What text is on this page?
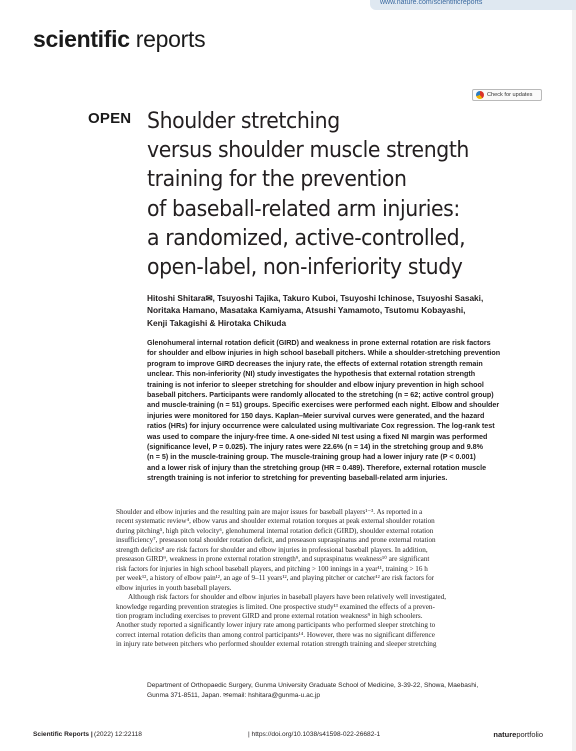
www.nature.com/scientificreports
scientific reports
Check for updates
OPEN Shoulder stretching
versus shoulder muscle strength
training for the prevention
of baseball-related arm injuries:
a randomized, active-controlled,
open-label, non-inferiority study
Hitoshi Shitara✉, Tsuyoshi Tajika, Takuro Kuboi, Tsuyoshi Ichinose, Tsuyoshi Sasaki,
Noritaka Hamano, Masataka Kamiyama, Atsushi Yamamoto, Tsutomu Kobayashi,
Kenji Takagishi & Hirotaka Chikuda
Glenohumeral internal rotation deficit (GIRD) and weakness in prone external rotation are risk factors
for shoulder and elbow injuries in high school baseball pitchers. While a shoulder-stretching prevention
program to improve GIRD decreases the injury rate, the effects of external rotation strength remain
unclear. This non-inferiority (NI) study investigates the hypothesis that external rotation strength
training is not inferior to sleeper stretching for shoulder and elbow injury prevention in high school
baseball pitchers. Participants were randomly allocated to the stretching (n = 62; active control group)
and muscle-training (n = 51) groups. Specific exercises were performed each night. Elbow and shoulder
injuries were monitored for 150 days. Kaplan–Meier survival curves were generated, and the hazard
ratios (HRs) for injury occurrence were calculated using multivariate Cox regression. The log-rank test
was used to compare the injury-free time. A one-sided NI test using a fixed NI margin was performed
(significance level, P = 0.025). The injury rates were 22.6% (n = 14) in the stretching group and 9.8%
(n = 5) in the muscle-training group. The muscle-training group had a lower injury rate (P < 0.001)
and a lower risk of injury than the stretching group (HR = 0.489). Therefore, external rotation muscle
strength training is not inferior to stretching for preventing baseball-related arm injuries.
Shoulder and elbow injuries and the resulting pain are major issues for baseball players¹⁻³. As reported in a
recent systematic review⁴, elbow varus and shoulder external rotation torques at peak external shoulder rotation
during pitching⁵, high pitch velocity⁶, glenohumeral internal rotation deficit (GIRD), shoulder external rotation
insufficiency⁷, preseason total shoulder rotation deficit, and preseason supraspinatus and prone external rotation
strength deficits⁸ are risk factors for shoulder and elbow injuries in professional baseball players. In addition,
preseason GIRD⁹, weakness in prone external rotation strength⁹, and supraspinatus weakness¹⁰ are significant
risk factors for injuries in high school baseball players, and pitching > 100 innings in a year¹¹, training > 16 h
per week¹², a history of elbow pain¹², an age of 9–11 years¹², and playing pitcher or catcher¹² are risk factors for
elbow injuries in youth baseball players.
Although risk factors for shoulder and elbow injuries in baseball players have been relatively well investigated,
knowledge regarding prevention strategies is limited. One prospective study¹³ examined the effects of a preven-
tion program including exercises to prevent GIRD and prone external rotation weakness⁹ in high schoolers.
Another study reported a significantly lower injury rate among participants who performed sleeper stretching to
correct internal rotation deficits than among control participants¹⁴. However, there was no significant difference
in injury rate between pitchers who performed shoulder external rotation strength training and sleeper stretching
Department of Orthopaedic Surgery, Gunma University Graduate School of Medicine, 3-39-22, Showa, Maebashi,
Gunma 371-8511, Japan. ✉email: hshitara@gunma-u.ac.jp
Scientific Reports | (2022) 12:22118	| https://doi.org/10.1038/s41598-022-26682-1	natureportfolio
